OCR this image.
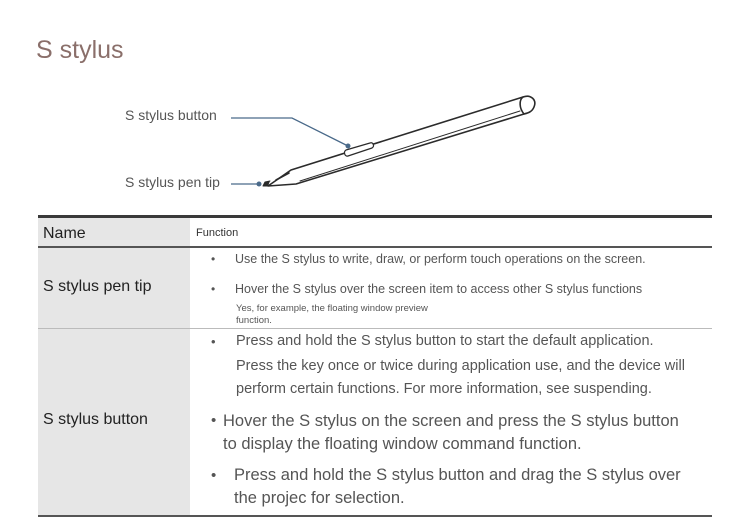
S stylus
S stylus button
S stylus pen tip
Name	Function
S stylus pen tip
• Use the S stylus to write, draw, or perform touch operations on the screen.
• Hover the S stylus over the screen item to access other S stylus functions
Yes, for example, the floating window preview
function.
S stylus button
• Press and hold the S stylus button to start the default application.
Press the key once or twice during application use, and the device will
perform certain functions. For more information, see suspending.
• Hover the S stylus on the screen and press the S stylus button
to display the floating window command function.
• Press and hold the S stylus button and drag the S stylus over
the projec for selection.
